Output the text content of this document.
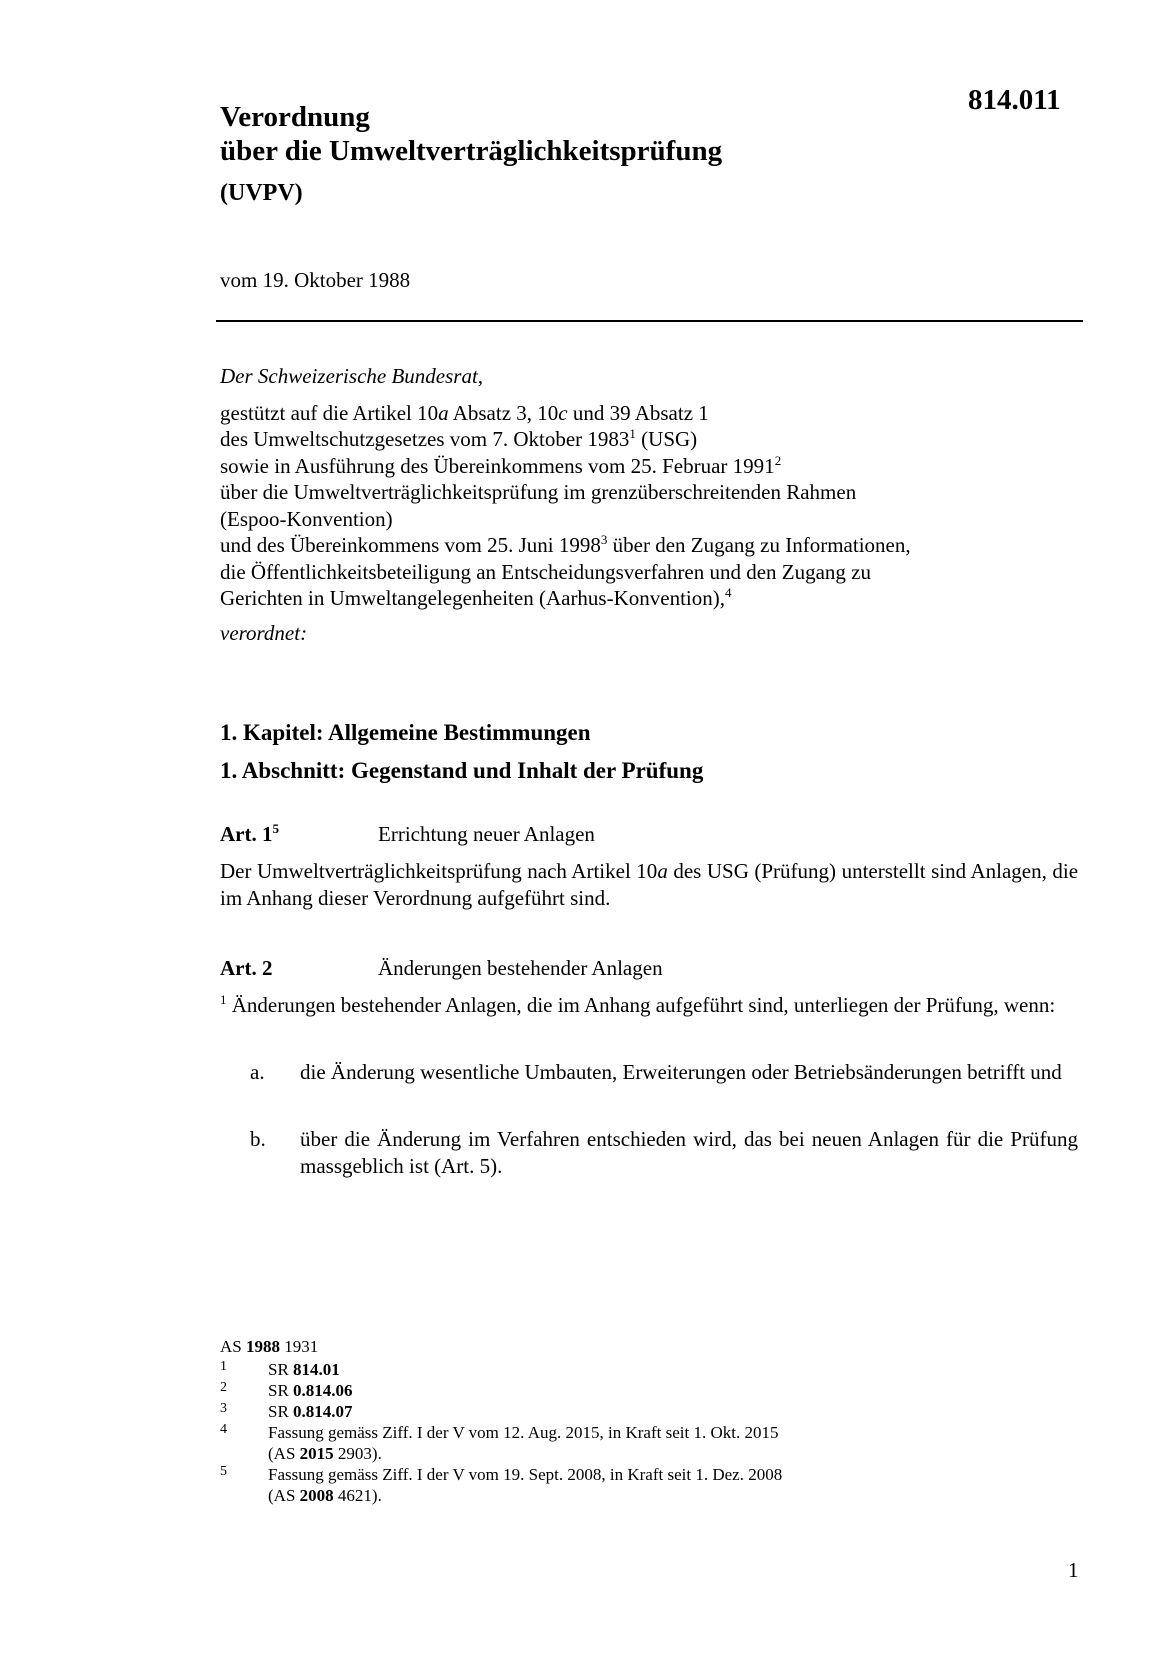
814.011
Verordnung
über die Umweltverträglichkeitsprüfung
(UVPV)
vom 19. Oktober 1988
Der Schweizerische Bundesrat,
gestützt auf die Artikel 10a Absatz 3, 10c und 39 Absatz 1
des Umweltschutzgesetzes vom 7. Oktober 1983$^1$ (USG)
sowie in Ausführung des Übereinkommens vom 25. Februar 1991$^2$
über die Umweltverträglichkeitsprüfung im grenzüberschreitenden Rahmen
(Espoo-Konvention)
und des Übereinkommens vom 25. Juni 1998$^3$ über den Zugang zu Informationen,
die Öffentlichkeitsbeteiligung an Entscheidungsverfahren und den Zugang zu
Gerichten in Umweltangelegenheiten (Aarhus-Konvention),$^4$
verordnet:
1. Kapitel: Allgemeine Bestimmungen
1. Abschnitt: Gegenstand und Inhalt der Prüfung
Art. $1^5$	Errichtung neuer Anlagen
Der Umweltverträglichkeitsprüfung nach Artikel 10a des USG (Prüfung) unterstellt sind Anlagen, die im Anhang dieser Verordnung aufgeführt sind.
Art. 2	Änderungen bestehender Anlagen
$^1$ Änderungen bestehender Anlagen, die im Anhang aufgeführt sind, unterliegen der Prüfung, wenn:
a. die Änderung wesentliche Umbauten, Erweiterungen oder Betriebsänderungen betrifft und
b. über die Änderung im Verfahren entschieden wird, das bei neuen Anlagen für die Prüfung massgeblich ist (Art. 5).
AS 1988 1931
1 SR 814.01
2 SR 0.814.06
3 SR 0.814.07
4 Fassung gemäss Ziff. I der V vom 12. Aug. 2015, in Kraft seit 1. Okt. 2015
(AS 2015 2903).
5 Fassung gemäss Ziff. I der V vom 19. Sept. 2008, in Kraft seit 1. Dez. 2008
(AS 2008 4621).
1
